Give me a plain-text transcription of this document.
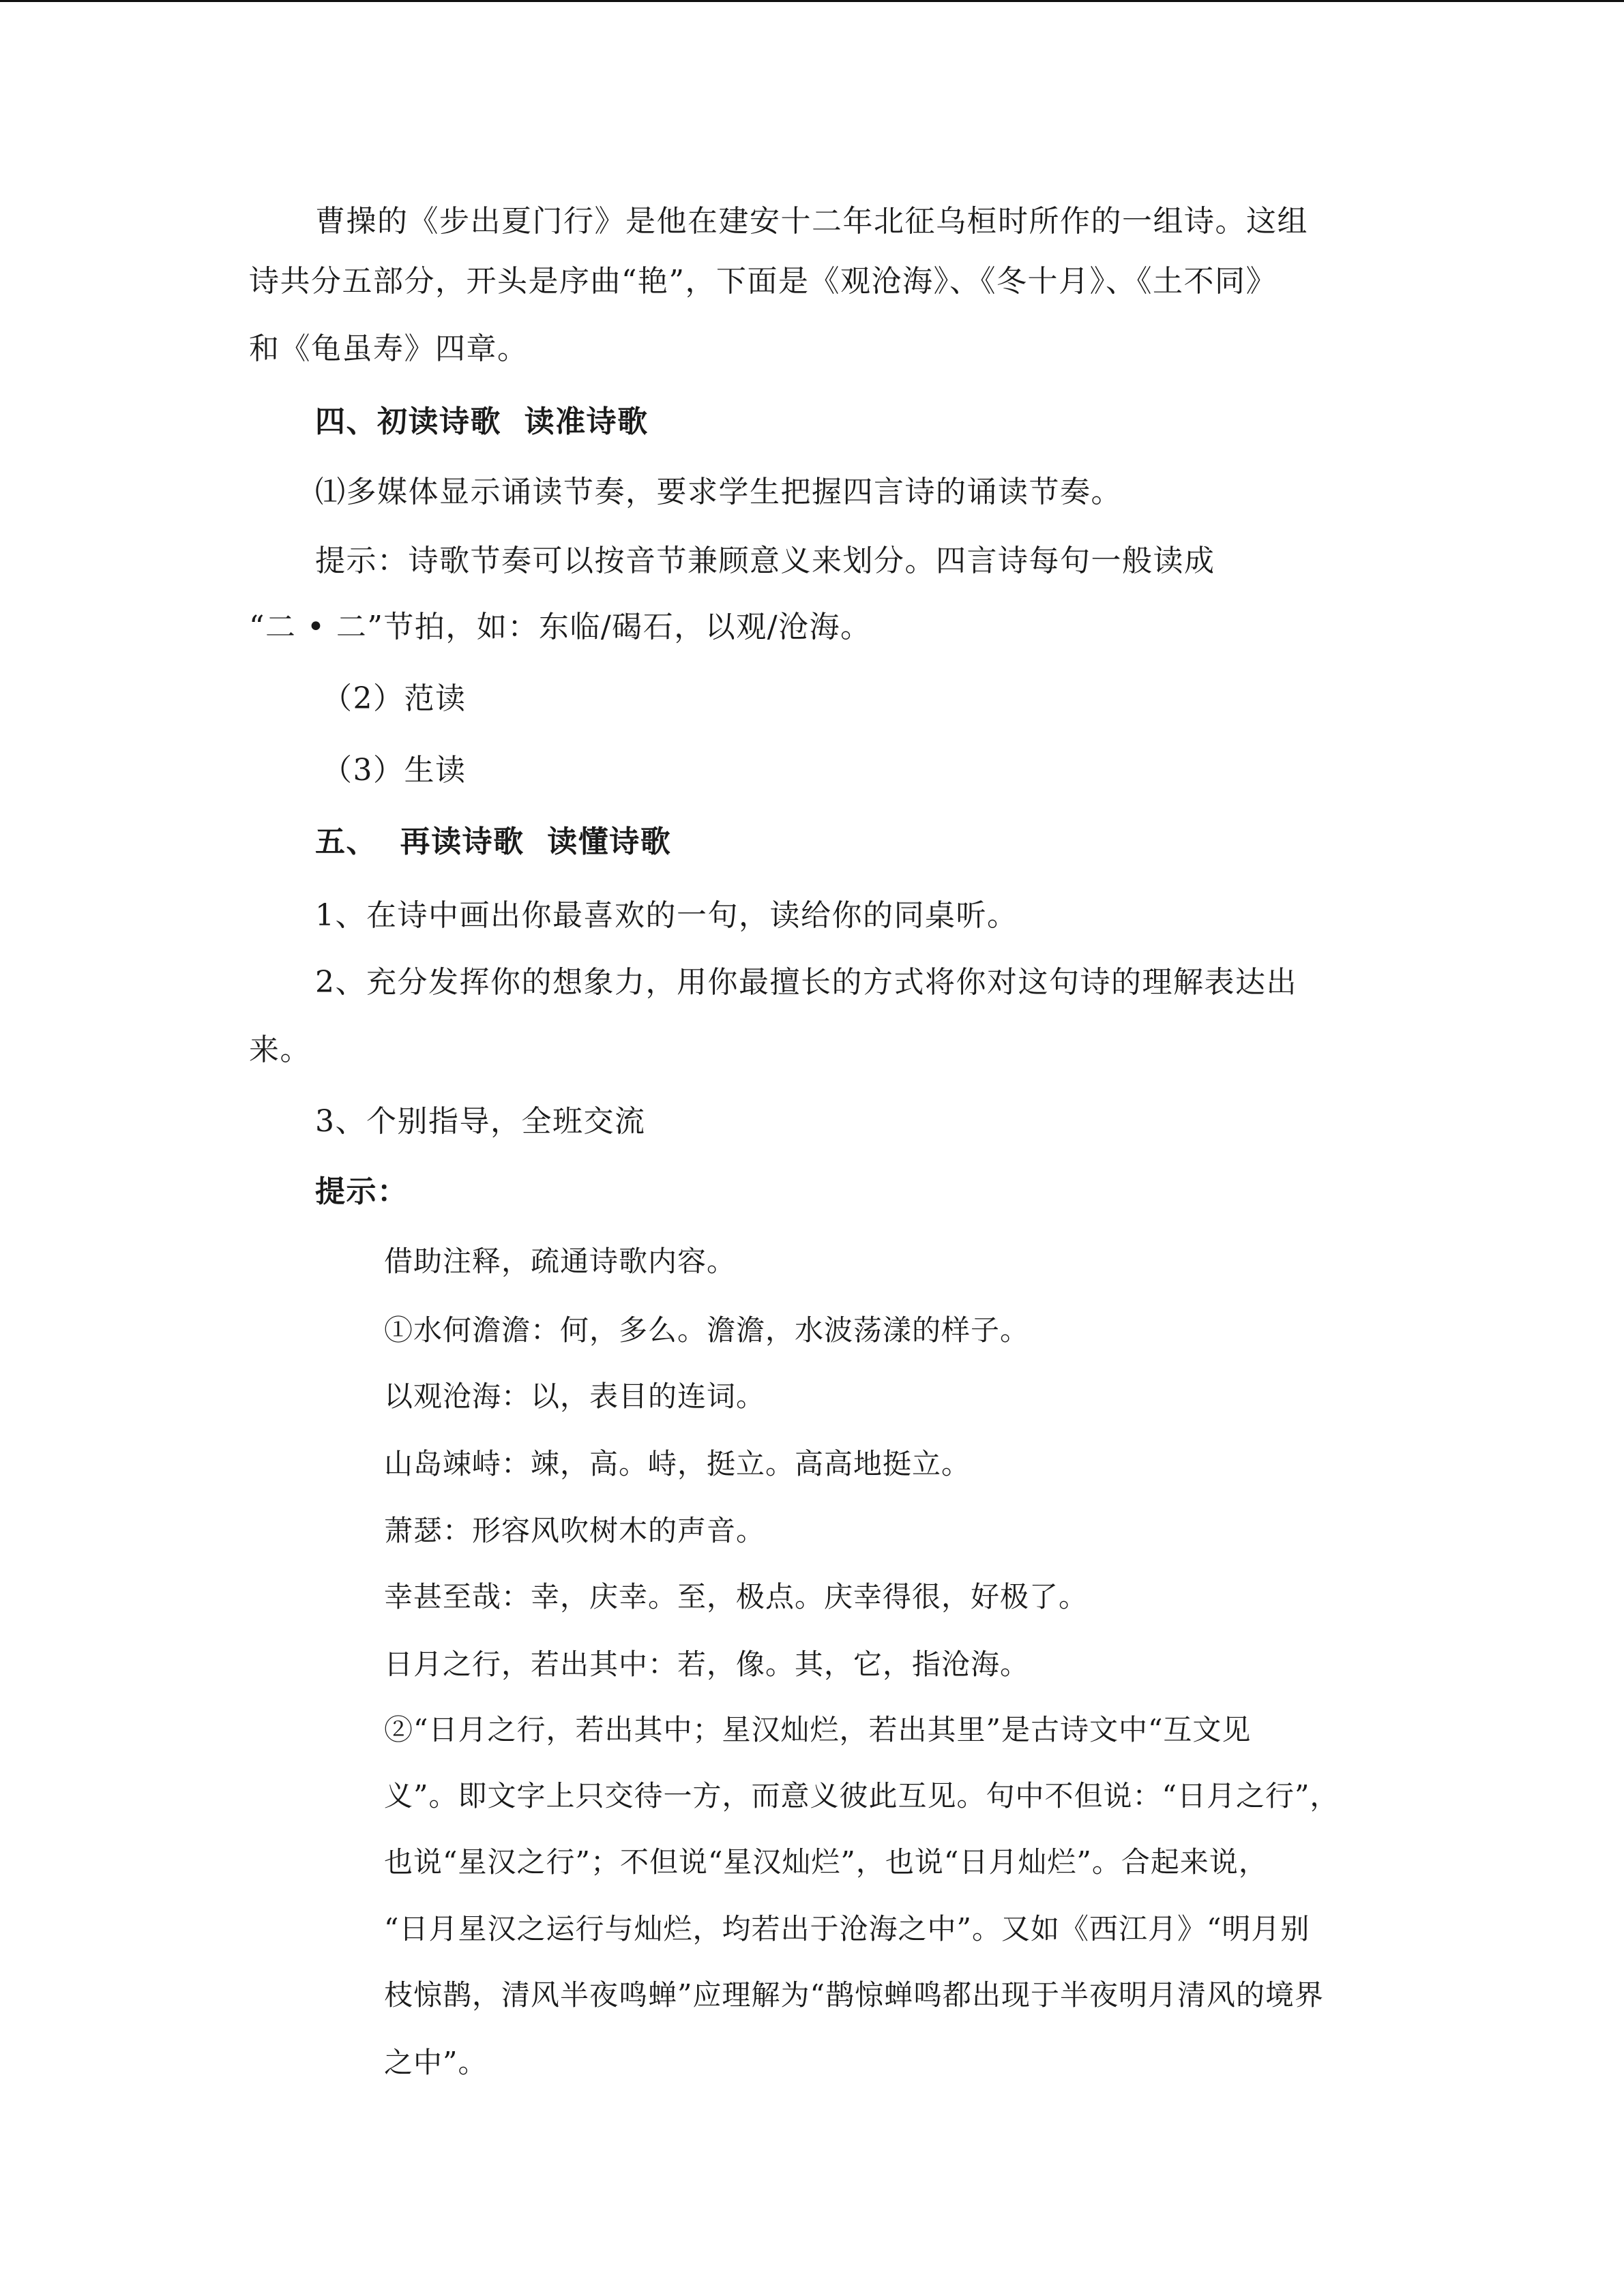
曹操的《步出夏门行》是他在建安十二年北征乌桓时所作的一组诗。这组
诗共分五部分，开头是序曲“艳”，下面是《观沧海》、《冬十月》、《土不同》
和《龟虽寿》四章。
四、初读诗歌  读准诗歌
⑴多媒体显示诵读节奏，要求学生把握四言诗的诵读节奏。
提示：诗歌节奏可以按音节兼顾意义来划分。四言诗每句一般读成
“二 • 二”节拍，如：东临/碣石，以观/沧海。
（2）范读
（3）生读
五、  再读诗歌  读懂诗歌
1、在诗中画出你最喜欢的一句，读给你的同桌听。
2、充分发挥你的想象力，用你最擅长的方式将你对这句诗的理解表达出
来。
3、个别指导，全班交流
提示：
借助注释，疏通诗歌内容。
①水何澹澹：何，多么。澹澹，水波荡漾的样子。
以观沧海：以，表目的连词。
山岛竦峙：竦，高。峙，挺立。高高地挺立。
萧瑟：形容风吹树木的声音。
幸甚至哉：幸，庆幸。至，极点。庆幸得很，好极了。
日月之行，若出其中：若，像。其，它，指沧海。
②“日月之行，若出其中；星汉灿烂，若出其里”是古诗文中“互文见
义”。即文字上只交待一方，而意义彼此互见。句中不但说：“日月之行”，
也说“星汉之行”；不但说“星汉灿烂”，也说“日月灿烂”。合起来说，
“日月星汉之运行与灿烂，均若出于沧海之中”。又如《西江月》“明月别
枝惊鹊，清风半夜鸣蝉”应理解为“鹊惊蝉鸣都出现于半夜明月清风的境界
之中”。
